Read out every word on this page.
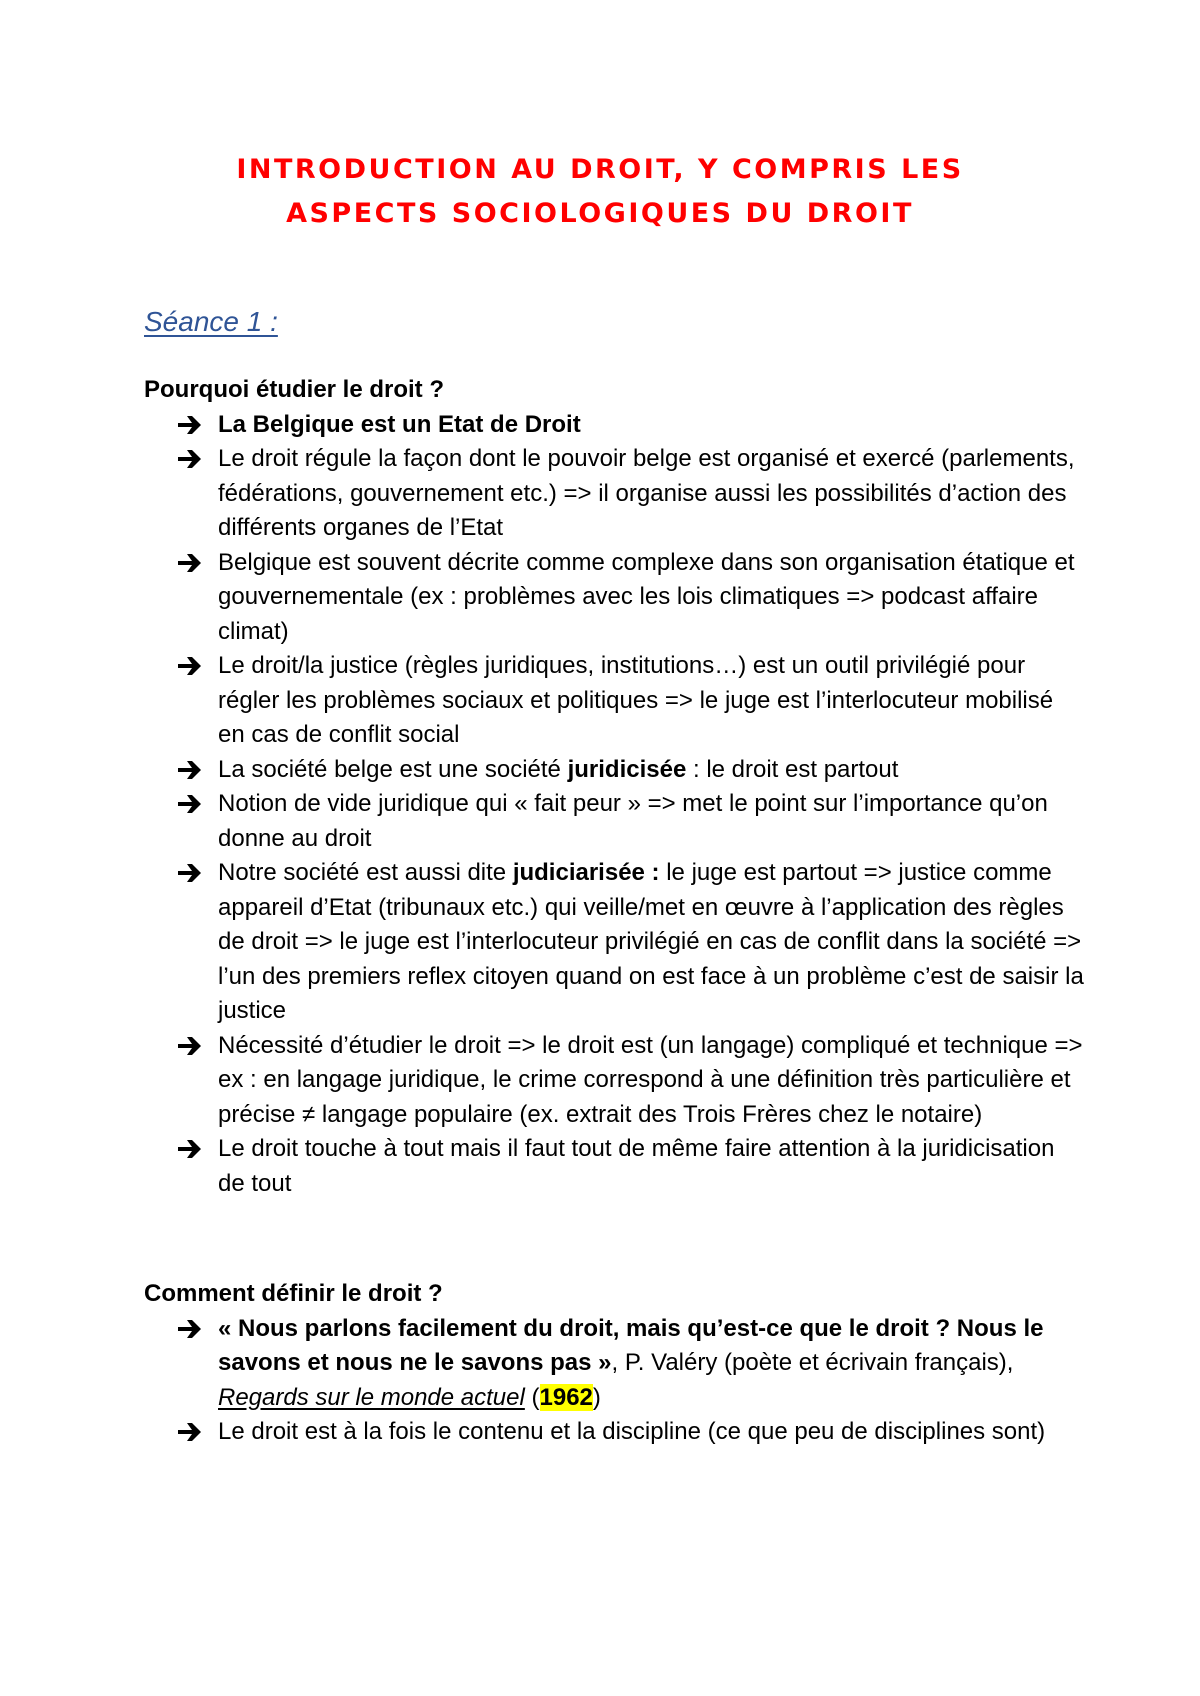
INTRODUCTION AU DROIT, Y COMPRIS LES
ASPECTS SOCIOLOGIQUES DU DROIT
Séance 1 :

Pourquoi étudier le droit ?

La Belgique est un Etat de Droit
Le droit régule la façon dont le pouvoir belge est organisé et exercé (parlements, fédérations, gouvernement etc.) => il organise aussi les possibilités d’action des différents organes de l’Etat
Belgique est souvent décrite comme complexe dans son organisation étatique et gouvernementale (ex : problèmes avec les lois climatiques => podcast affaire climat)
Le droit/la justice (règles juridiques, institutions…) est un outil privilégié pour régler les problèmes sociaux et politiques => le juge est l’interlocuteur mobilisé en cas de conflit social
La société belge est une société juridicisée : le droit est partout
Notion de vide juridique qui « fait peur » => met le point sur l’importance qu’on donne au droit
Notre société est aussi dite judiciarisée : le juge est partout => justice comme appareil d’Etat (tribunaux etc.) qui veille/met en œuvre à l’application des règles de droit => le juge est l’interlocuteur privilégié en cas de conflit dans la société => l’un des premiers reflex citoyen quand on est face à un problème c’est de saisir la justice
Nécessité d’étudier le droit => le droit est (un langage) compliqué et technique => ex : en langage juridique, le crime correspond à une définition très particulière et précise ≠ langage populaire (ex. extrait des Trois Frères chez le notaire)
Le droit touche à tout mais il faut tout de même faire attention à la juridicisation de tout

Comment définir le droit ?

« Nous parlons facilement du droit, mais qu’est-ce que le droit ? Nous le savons et nous ne le savons pas », P. Valéry (poète et écrivain français), Regards sur le monde actuel (1962)
Le droit est à la fois le contenu et la discipline (ce que peu de disciplines sont)
